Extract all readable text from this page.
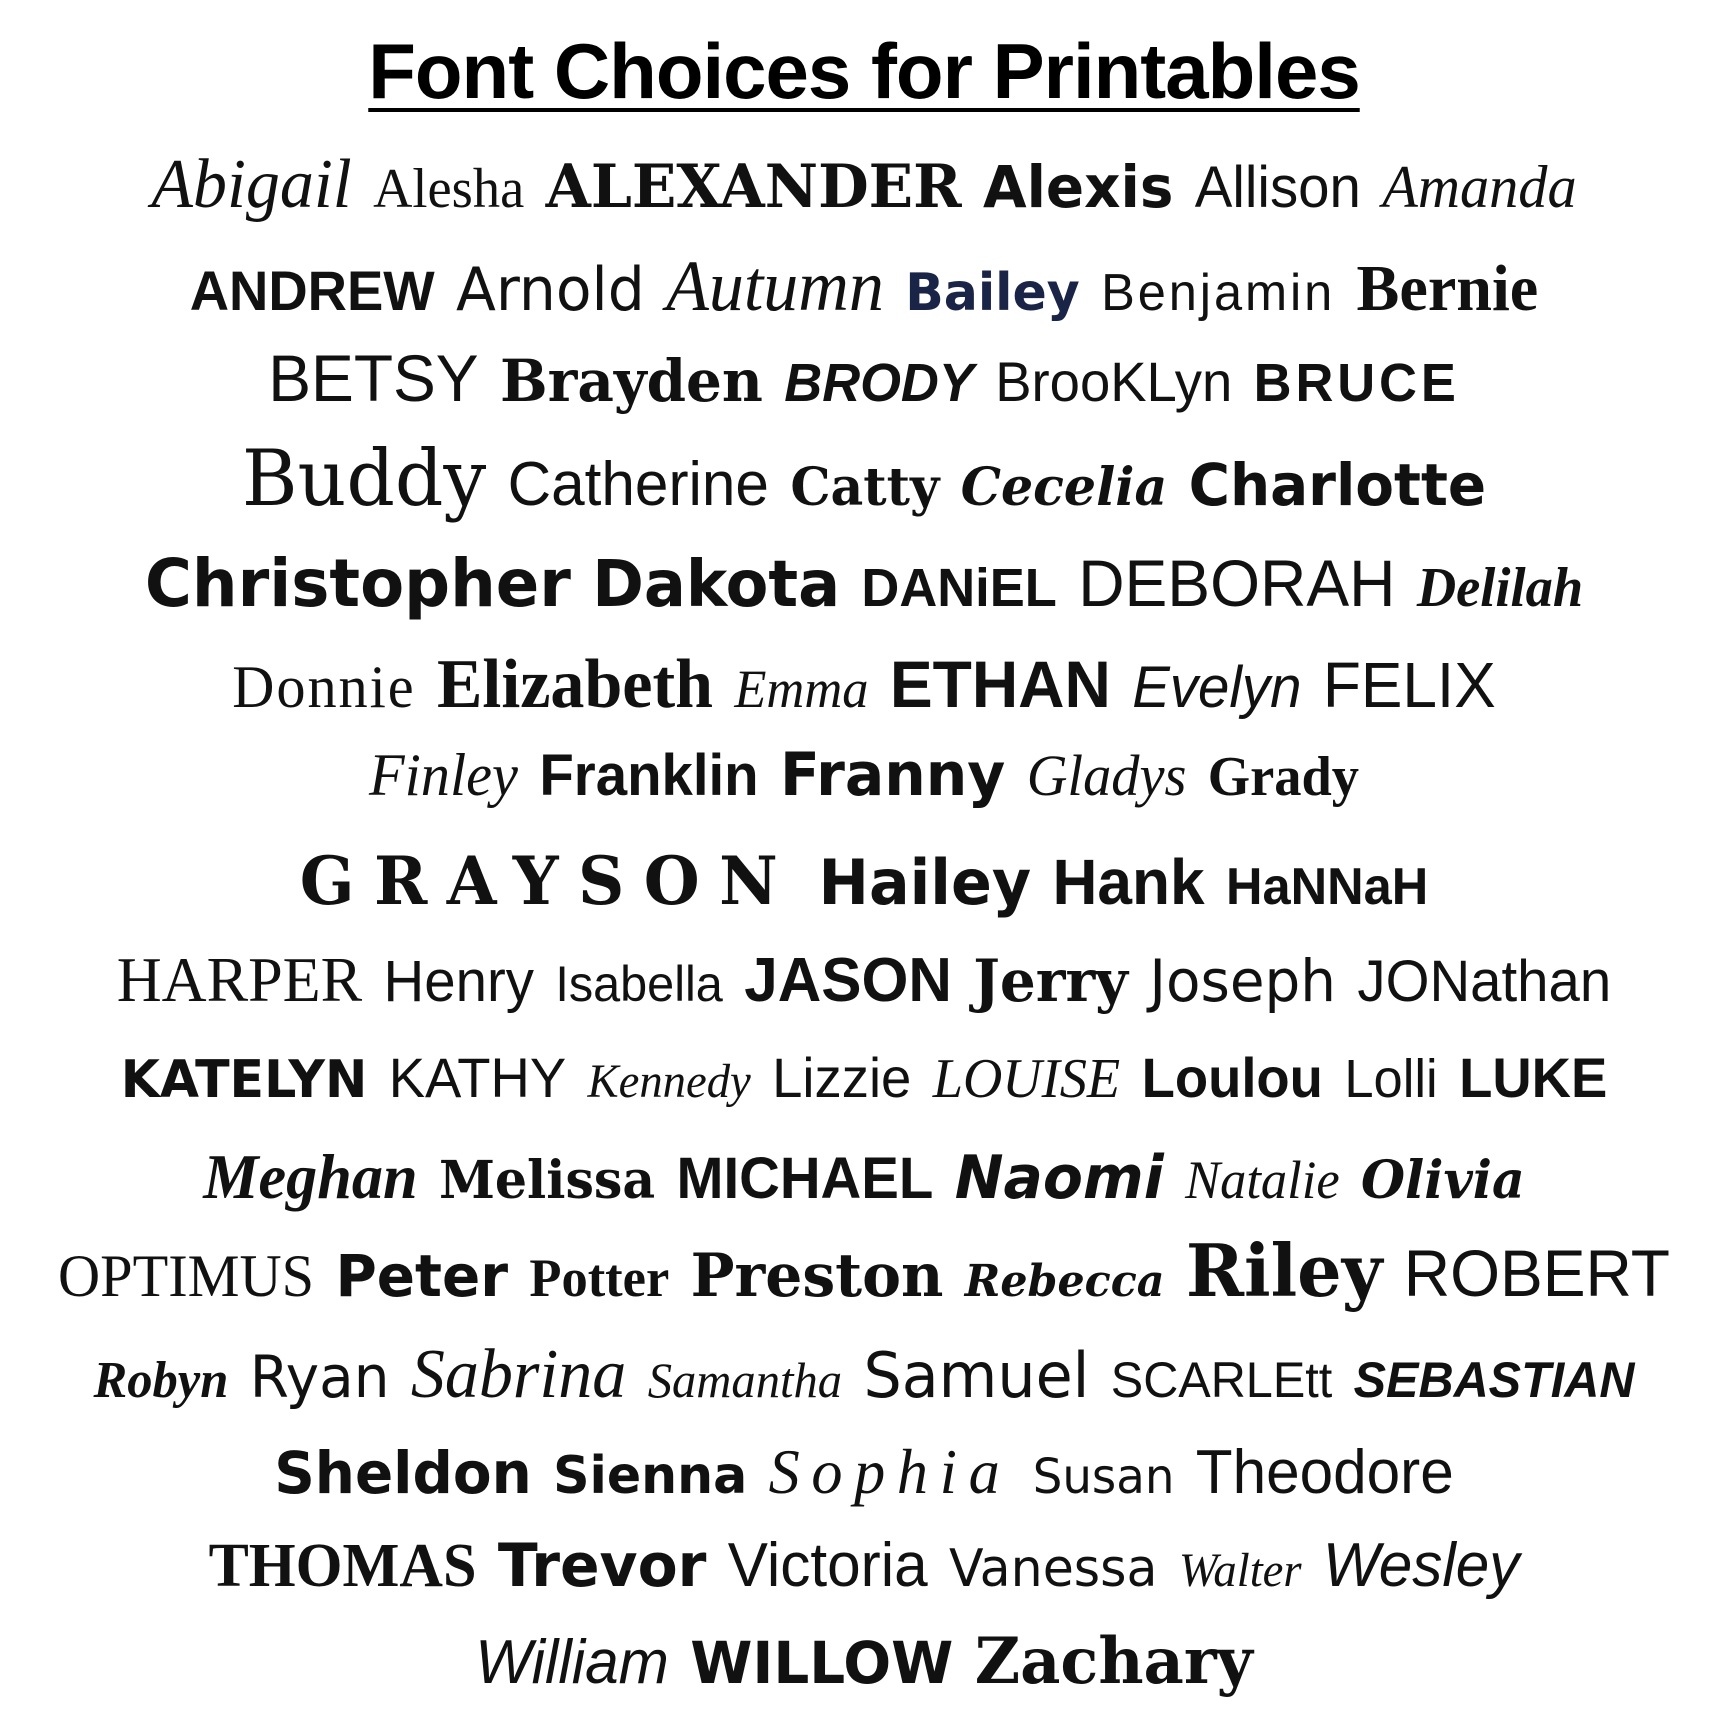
Font Choices for Printables
Abigail Alesha ALEXANDER Alexis Allison Amanda
ANDREW Arnold Autumn Bailey Benjamin Bernie
BETSY Brayden BRODY BrooKLyn BRUCE
Buddy Catherine Catty Cecelia Charlotte
Christopher Dakota DANiEL DEBORAH Delilah
Donnie Elizabeth Emma ETHAN Evelyn FELIX
Finley Franklin Franny Gladys Grady
GRAYSON Hailey Hank HaNNaH
HARPER Henry Isabella JASON Jerry Joseph JONathan
KATELYN KATHY Kennedy Lizzie LOUISE Loulou Lolli LUKE
Meghan Melissa MICHAEL Naomi Natalie Olivia
OPTIMUS Peter Potter Preston Rebecca Riley ROBERT
Robyn Ryan Sabrina Samantha Samuel SCARLEtt SEBASTIAN
Sheldon Sienna Sophia Susan Theodore
THOMAS Trevor Victoria Vanessa Walter Wesley
William WILLOW Zachary
